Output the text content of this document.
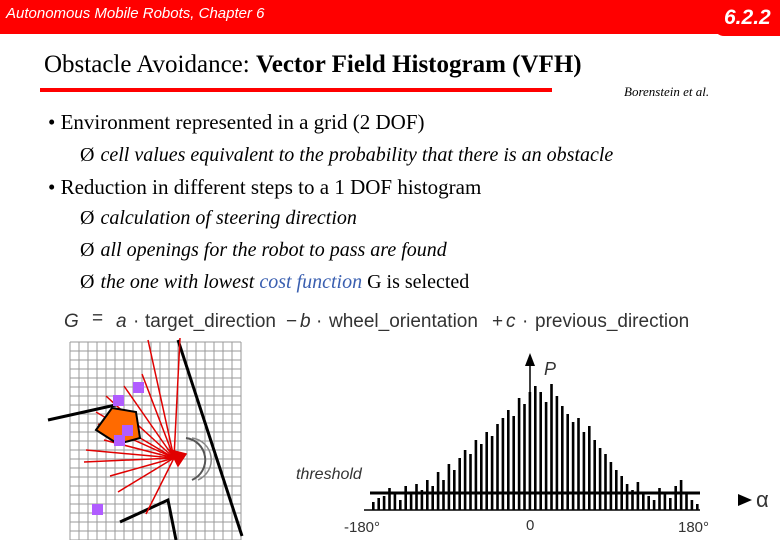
Autonomous Mobile Robots, Chapter 6	6.2.2
Obstacle Avoidance: Vector Field Histogram (VFH)
Borenstein et al.
• Environment represented in a grid (2 DOF)
Ø cell values equivalent to the probability that there is an obstacle
• Reduction in different steps to a 1 DOF histogram
Ø calculation of steering direction
Ø all openings for the robot to pass are found
Ø the one with lowest cost function G is selected
G = a · target_direction − b · wheel_orientation + c · previous_direction
threshold
P
α
-180°	0	180°
